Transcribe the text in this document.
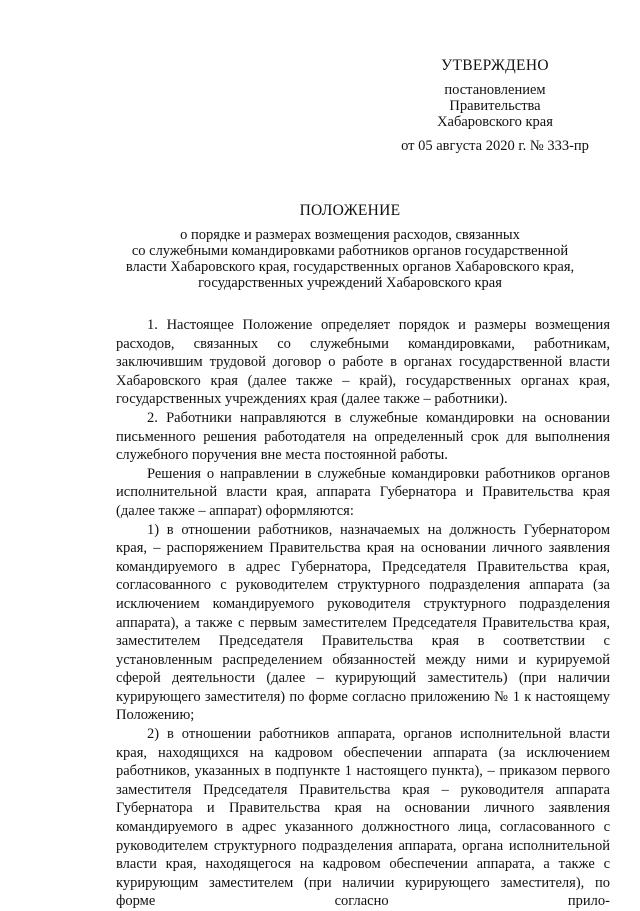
УТВЕРЖДЕНО
постановлением
Правительства
Хабаровского края
от 05 августа 2020 г. № 333-пр
ПОЛОЖЕНИЕ
о порядке и размерах возмещения расходов, связанных
со служебными командировками работников органов государственной
власти Хабаровского края, государственных органов Хабаровского края,
государственных учреждений Хабаровского края

1. Настоящее Положение определяет порядок и размеры возмещения расходов, связанных со служебными командировками, работникам, заключившим трудовой договор о работе в органах государственной власти Хабаровского края (далее также – край), государственных органах края, государственных учреждениях края (далее также – работники).

2. Работники направляются в служебные командировки на основании письменного решения работодателя на определенный срок для выполнения служебного поручения вне места постоянной работы.

Решения о направлении в служебные командировки работников органов исполнительной власти края, аппарата Губернатора и Правительства края (далее также – аппарат) оформляются:

1) в отношении работников, назначаемых на должность Губернатором края, – распоряжением Правительства края на основании личного заявления командируемого в адрес Губернатора, Председателя Правительства края, согласованного с руководителем структурного подразделения аппарата (за исключением командируемого руководителя структурного подразделения аппарата), а также с первым заместителем Председателя Правительства края, заместителем Председателя Правительства края в соответствии с установленным распределением обязанностей между ними и курируемой сферой деятельности (далее – курирующий заместитель) (при наличии курирующего заместителя) по форме согласно приложению № 1 к настоящему Положению;

2) в отношении работников аппарата, органов исполнительной власти края, находящихся на кадровом обеспечении аппарата (за исключением работников, указанных в подпункте 1 настоящего пункта), – приказом первого заместителя Председателя Правительства края – руководителя аппарата Губернатора и Правительства края на основании личного заявления командируемого в адрес указанного должностного лица, согласованного с руководителем структурного подразделения аппарата, органа исполнительной власти края, находящегося на кадровом обеспечении аппарата, а также с курирующим заместителем (при наличии курирующего заместителя), по форме согласно прило-
